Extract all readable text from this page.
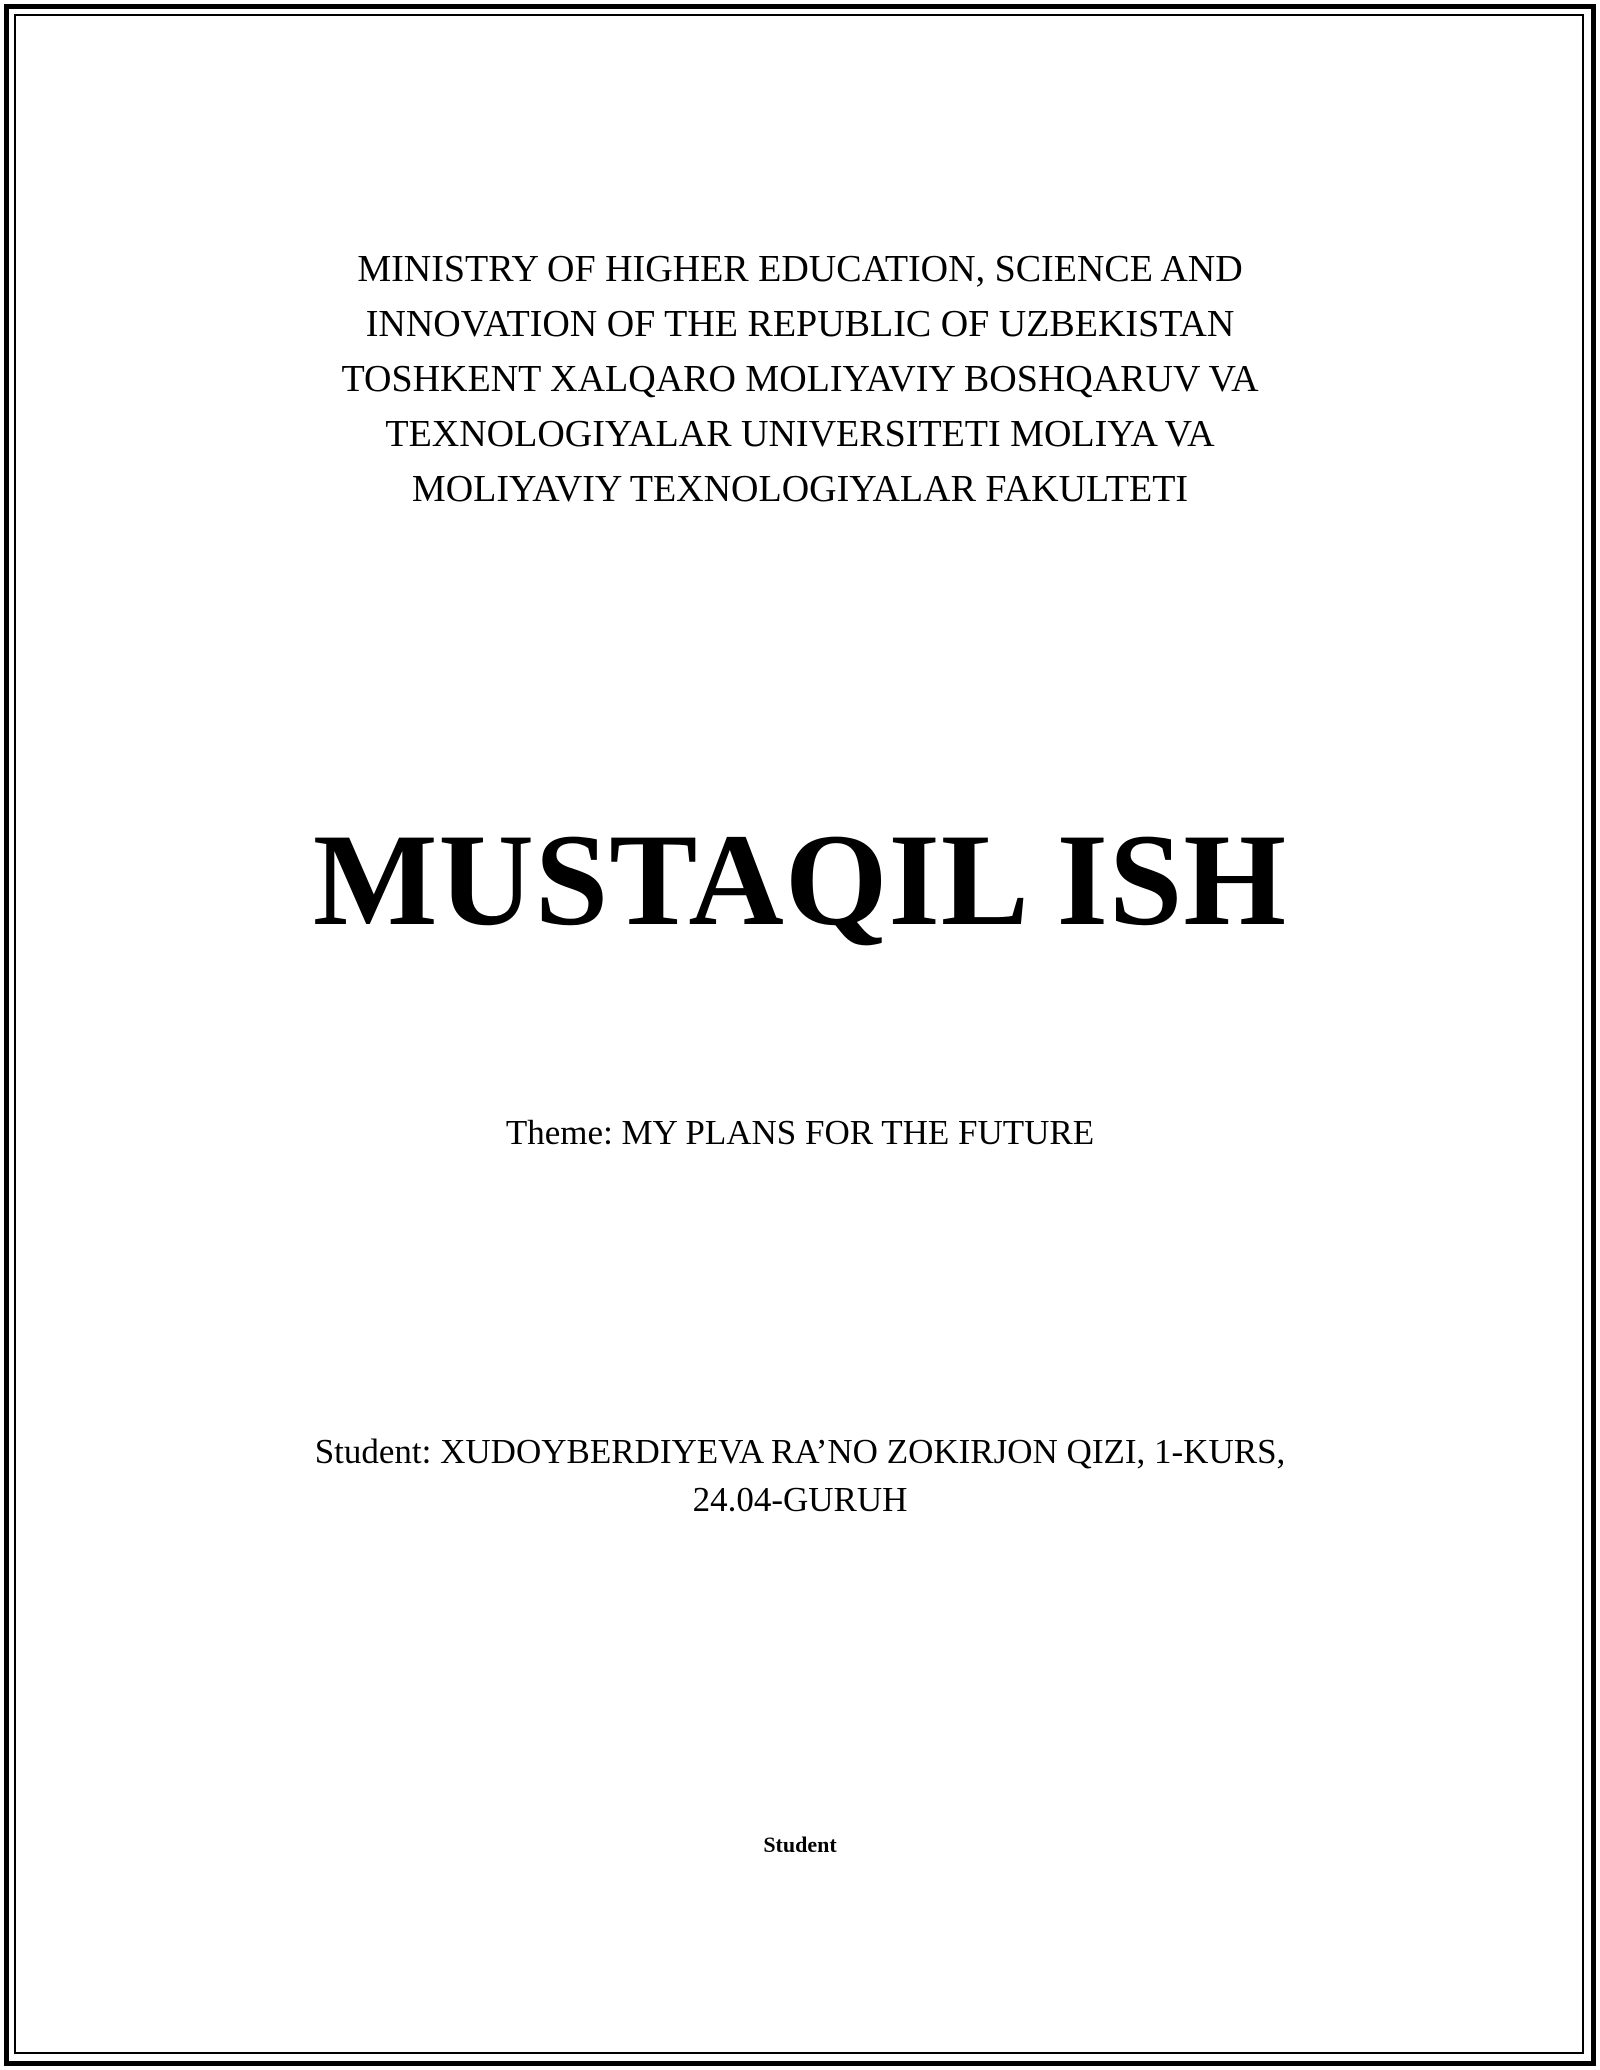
MINISTRY OF HIGHER EDUCATION, SCIENCE AND
INNOVATION OF THE REPUBLIC OF UZBEKISTAN
TOSHKENT XALQARO MOLIYAVIY BOSHQARUV VA
TEXNOLOGIYALAR UNIVERSITETI MOLIYA VA
MOLIYAVIY TEXNOLOGIYALAR FAKULTETI
MUSTAQIL ISH
Theme: MY PLANS FOR THE FUTURE
Student: XUDOYBERDIYEVA RA’NO ZOKIRJON QIZI, 1-KURS,
24.04-GURUH
Student
